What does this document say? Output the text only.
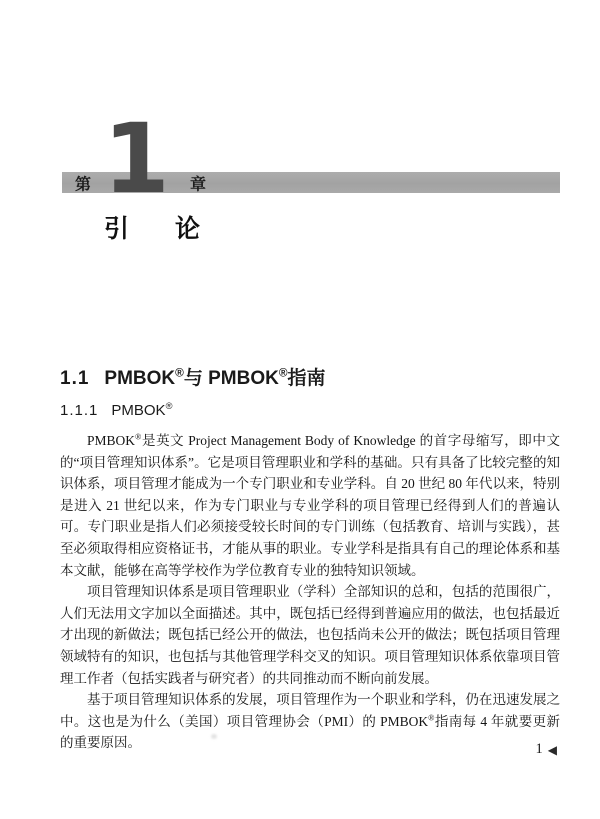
1
第	章
引 论
1.1 PMBOK®与 PMBOK®指南
1.1.1 PMBOK®

PMBOK®是英文 Project Management Body of Knowledge 的首字母缩写，即中文的“项目管理知识体系”。它是项目管理职业和学科的基础。只有具备了比较完整的知识体系，项目管理才能成为一个专门职业和专业学科。自 20 世纪 80 年代以来，特别是进入 21 世纪以来，作为专门职业与专业学科的项目管理已经得到人们的普遍认可。专门职业是指人们必须接受较长时间的专门训练（包括教育、培训与实践），甚至必须取得相应资格证书，才能从事的职业。专业学科是指具有自己的理论体系和基本文献，能够在高等学校作为学位教育专业的独特知识领域。

项目管理知识体系是项目管理职业（学科）全部知识的总和，包括的范围很广，人们无法用文字加以全面描述。其中，既包括已经得到普遍应用的做法，也包括最近才出现的新做法；既包括已经公开的做法，也包括尚未公开的做法；既包括项目管理领域特有的知识，也包括与其他管理学科交叉的知识。项目管理知识体系依靠项目管理工作者（包括实践者与研究者）的共同推动而不断向前发展。

基于项目管理知识体系的发展，项目管理作为一个职业和学科，仍在迅速发展之中。这也是为什么（美国）项目管理协会（PMI）的 PMBOK®指南每 4 年就要更新的重要原因。	1 ◀
